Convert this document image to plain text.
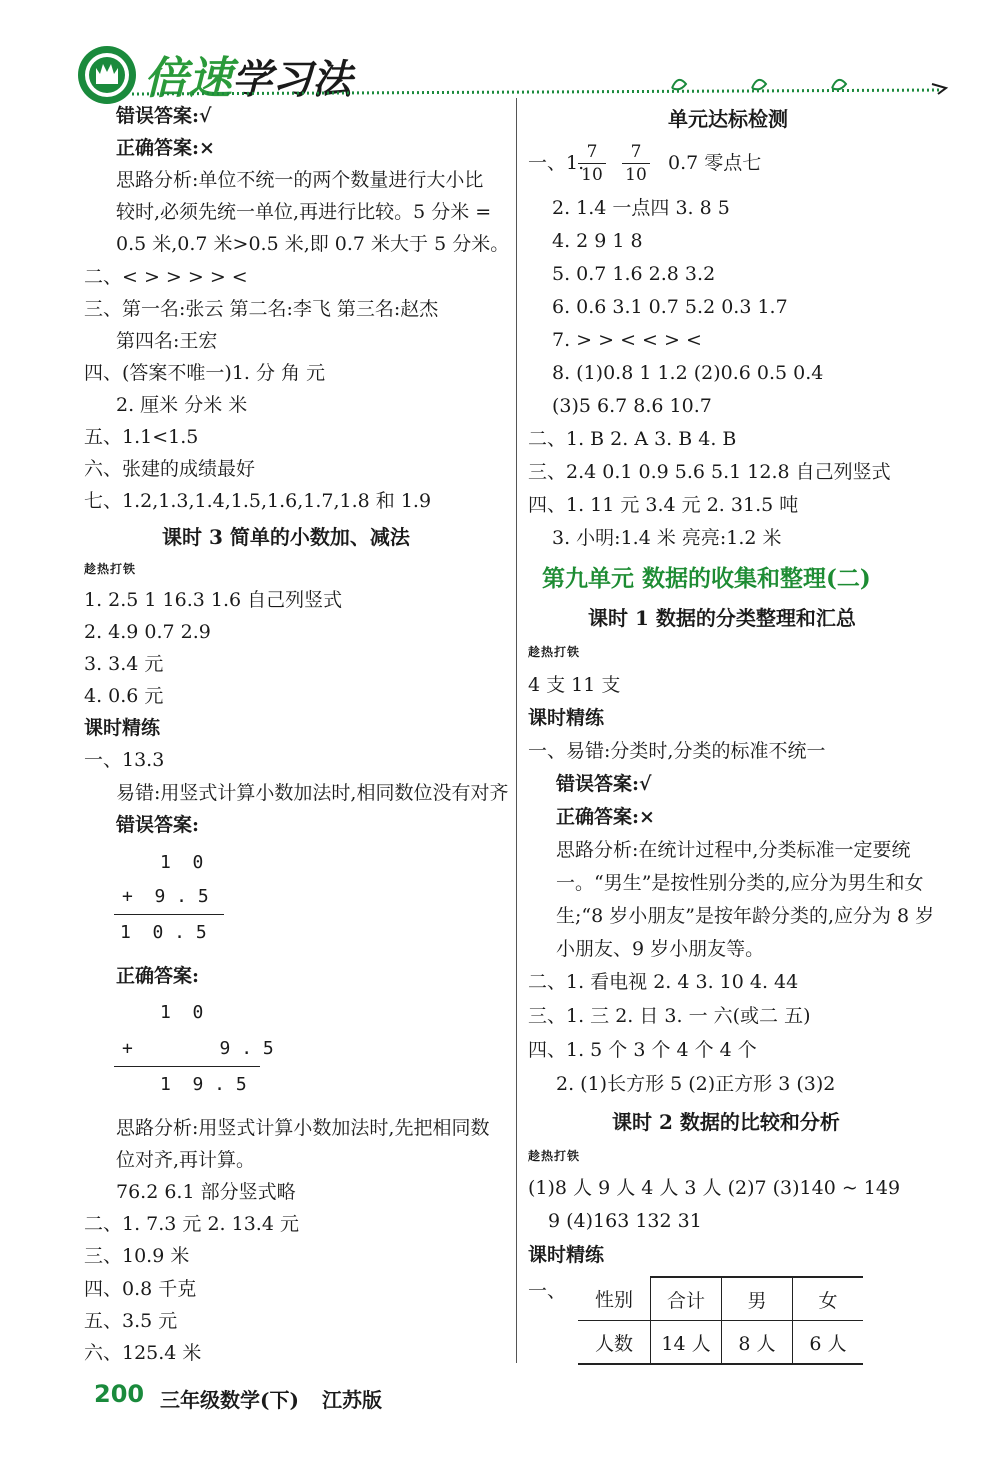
倍速学习法
错误答案:√
正确答案:×
思路分析:单位不统一的两个数量进行大小比
较时,必须先统一单位,再进行比较。5 分米 =
0.5 米,0.7 米>0.5 米,即 0.7 米大于 5 分米。
二、< > > > > <
三、第一名:张云 第二名:李飞 第三名:赵杰
第四名:王宏
四、(答案不唯一)1. 分 角 元
2. 厘米 分米 米
五、1.1<1.5
六、张建的成绩最好
七、1.2,1.3,1.4,1.5,1.6,1.7,1.8 和 1.9
课时 3 简单的小数加、减法
趁热打铁
1. 2.5 1 16.3 1.6 自己列竖式
2. 4.9 0.7 2.9
3. 3.4 元
4. 0.6 元
课时精练
一、13.3
易错:用竖式计算小数加法时,相同数位没有对齐
错误答案:
1  0
+  9 . 5
1  0 . 5
正确答案:
1  0
+        9 . 5
1  9 . 5
思路分析:用竖式计算小数加法时,先把相同数
位对齐,再计算。
76.2 6.1 部分竖式略
二、1. 7.3 元 2. 13.4 元
三、10.9 米
四、0.8 千克
五、3.5 元
六、125.4 米
单元达标检测
一、1. 7
10
7
10
0.7 零点七
2. 1.4 一点四 3. 8 5
4. 2 9 1 8
5. 0.7 1.6 2.8 3.2
6. 0.6 3.1 0.7 5.2 0.3 1.7
7. > > < < > <
8. (1)0.8 1 1.2 (2)0.6 0.5 0.4
(3)5 6.7 8.6 10.7
二、1. B 2. A 3. B 4. B
三、2.4 0.1 0.9 5.6 5.1 12.8 自己列竖式
四、1. 11 元 3.4 元 2. 31.5 吨
3. 小明:1.4 米 亮亮:1.2 米
第九单元 数据的收集和整理(二)
课时 1 数据的分类整理和汇总
趁热打铁
4 支 11 支
课时精练
一、易错:分类时,分类的标准不统一
错误答案:√
正确答案:×
思路分析:在统计过程中,分类标准一定要统
一。“男生”是按性别分类的,应分为男生和女
生;“8 岁小朋友”是按年龄分类的,应分为 8 岁
小朋友、9 岁小朋友等。
二、1. 看电视 2. 4 3. 10 4. 44
三、1. 三 2. 日 3. 一 六(或二 五)
四、1. 5 个 3 个 4 个 4 个
2. (1)长方形 5 (2)正方形 3 (3)2
课时 2 数据的比较和分析
趁热打铁
(1)8 人 9 人 4 人 3 人 (2)7 (3)140 ~ 149
9 (4)163 132 31
课时精练
一、 性别	合计	男	女
人数	14 人	8 人	6 人
200 三年级数学(下) 江苏版
